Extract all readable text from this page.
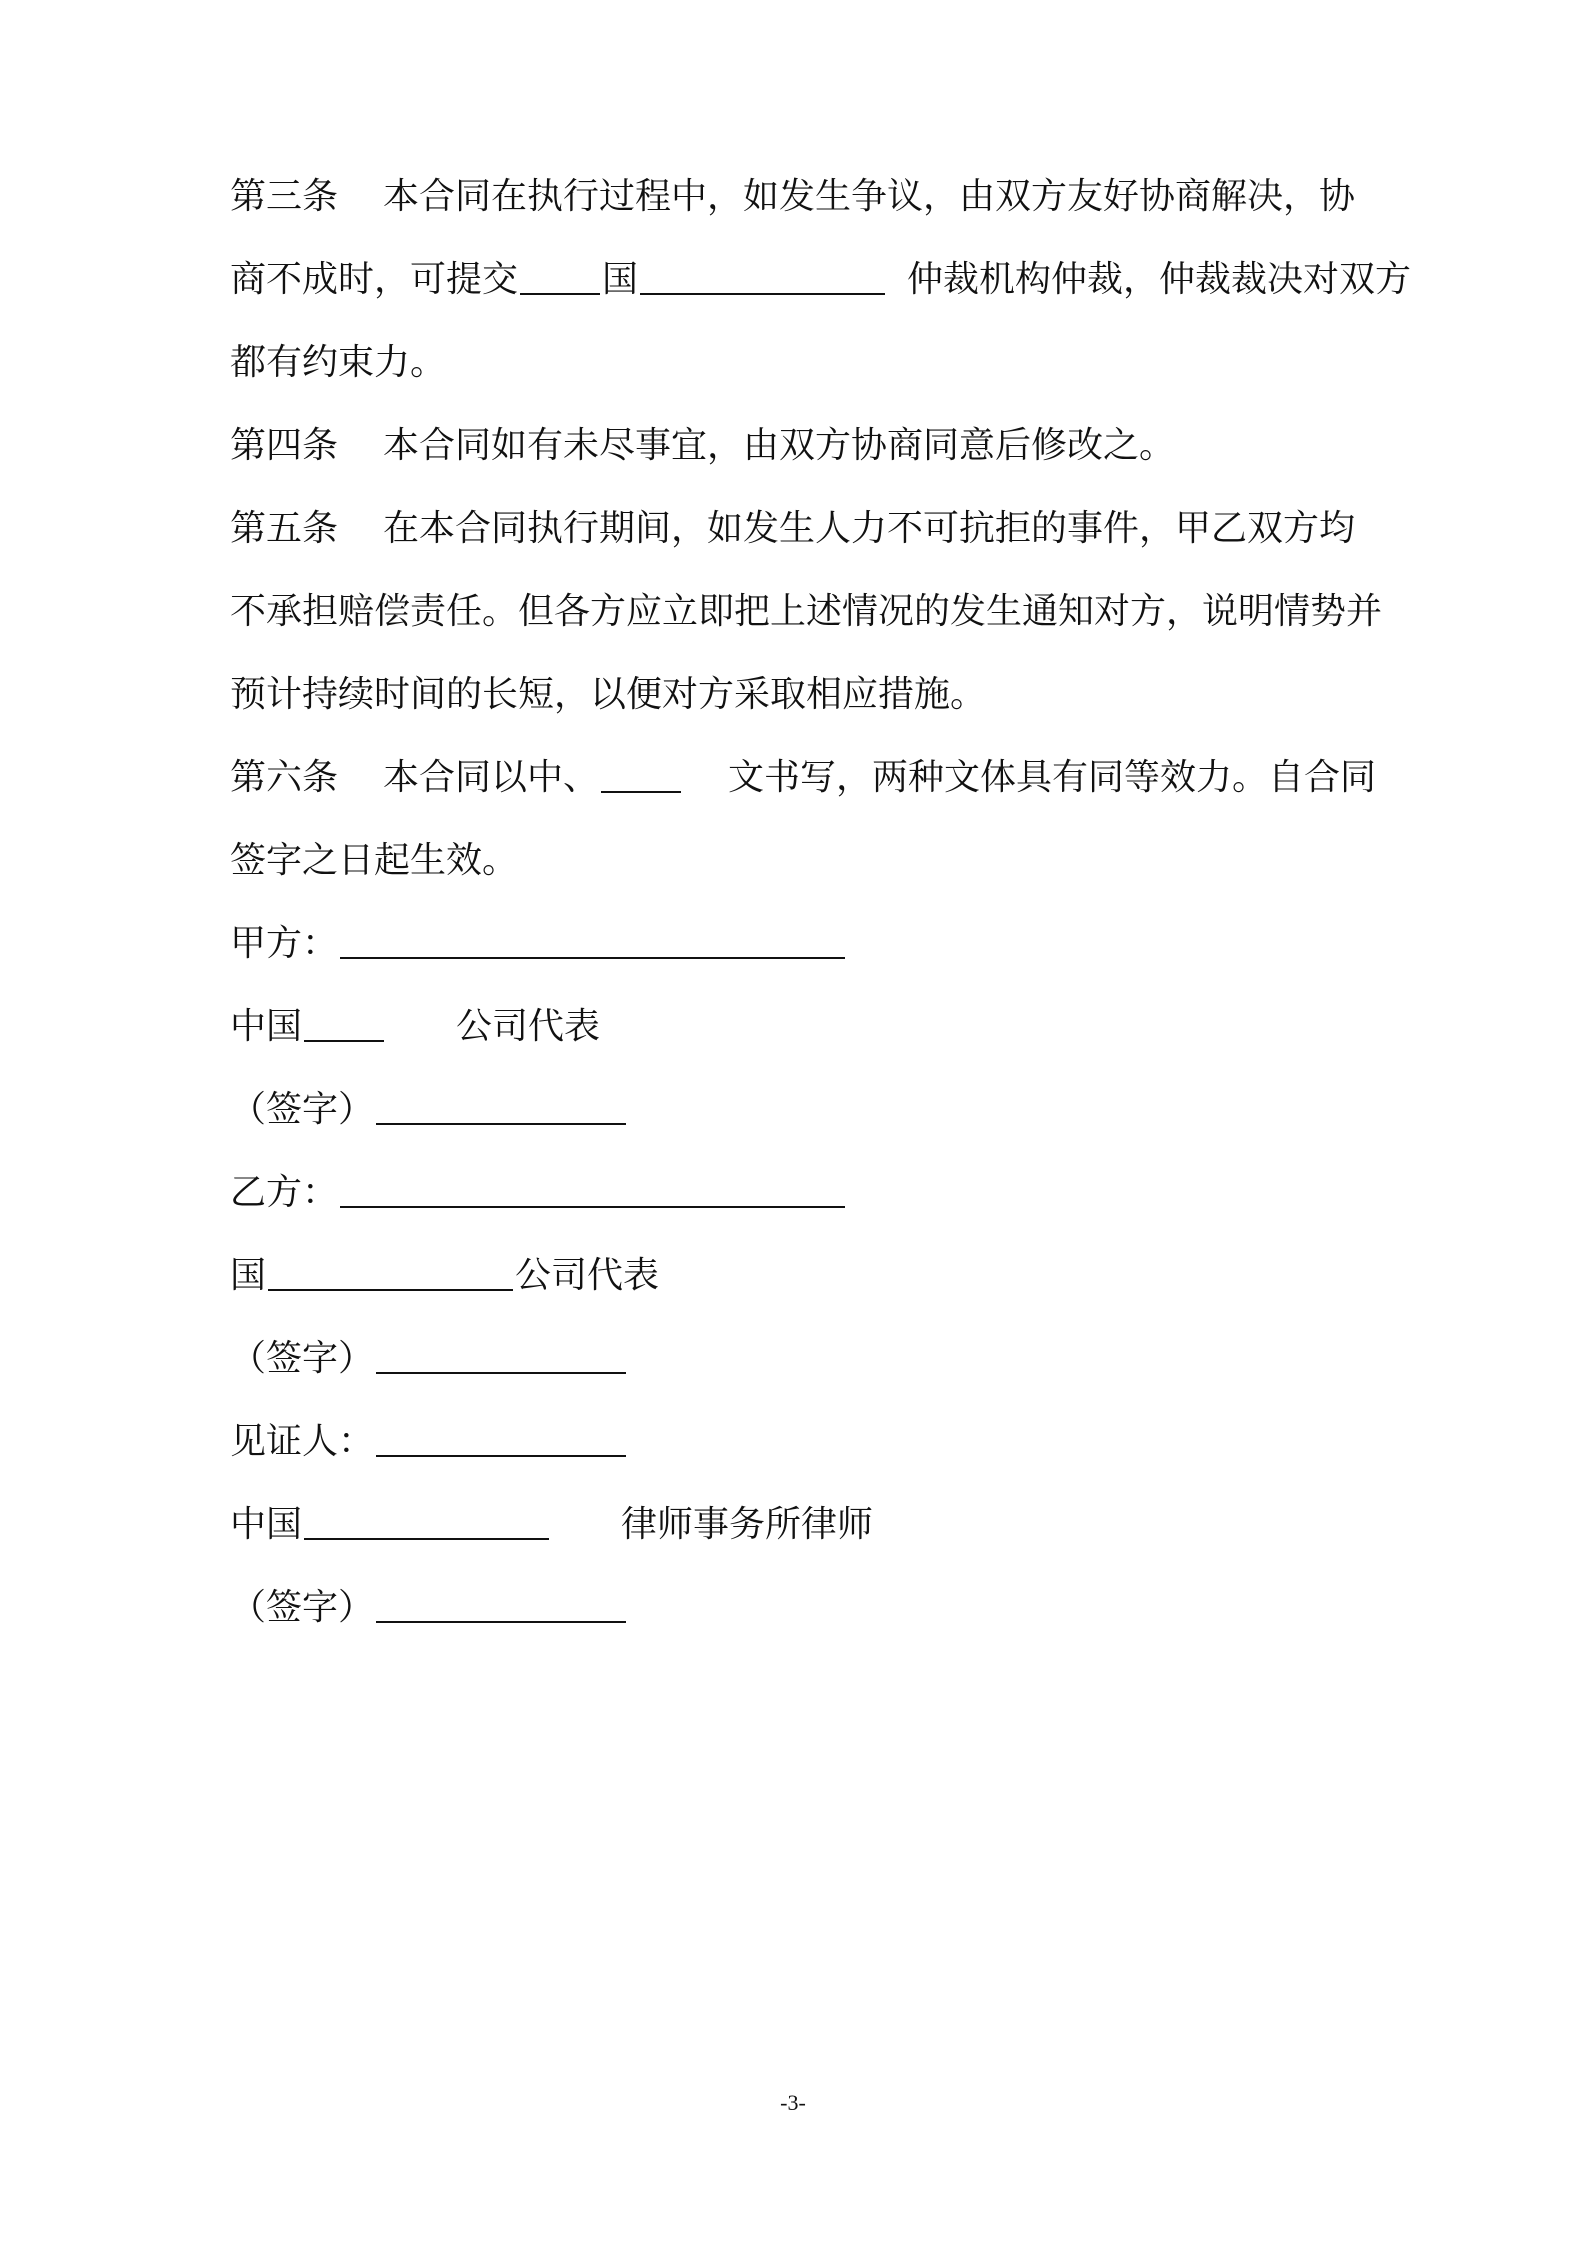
第三条 本合同在执行过程中，如发生争议，由双方友好协商解决，协
商不成时，可提交 国	仲裁机构仲裁，仲裁裁决对双方
都有约束力。
第四条 本合同如有未尽事宜，由双方协商同意后修改之。
第五条 在本合同执行期间，如发生人力不可抗拒的事件，甲乙双方均
不承担赔偿责任。但各方应立即把上述情况的发生通知对方，说明情势并
预计持续时间的长短，以便对方采取相应措施。
第六条 本合同以中、	文书写，两种文体具有同等效力。自合同
签字之日起生效。
甲方：
中国	公司代表
（签字）
乙方：
国	公司代表
（签字）
见证人：
中国	律师事务所律师
（签字）
-3-
